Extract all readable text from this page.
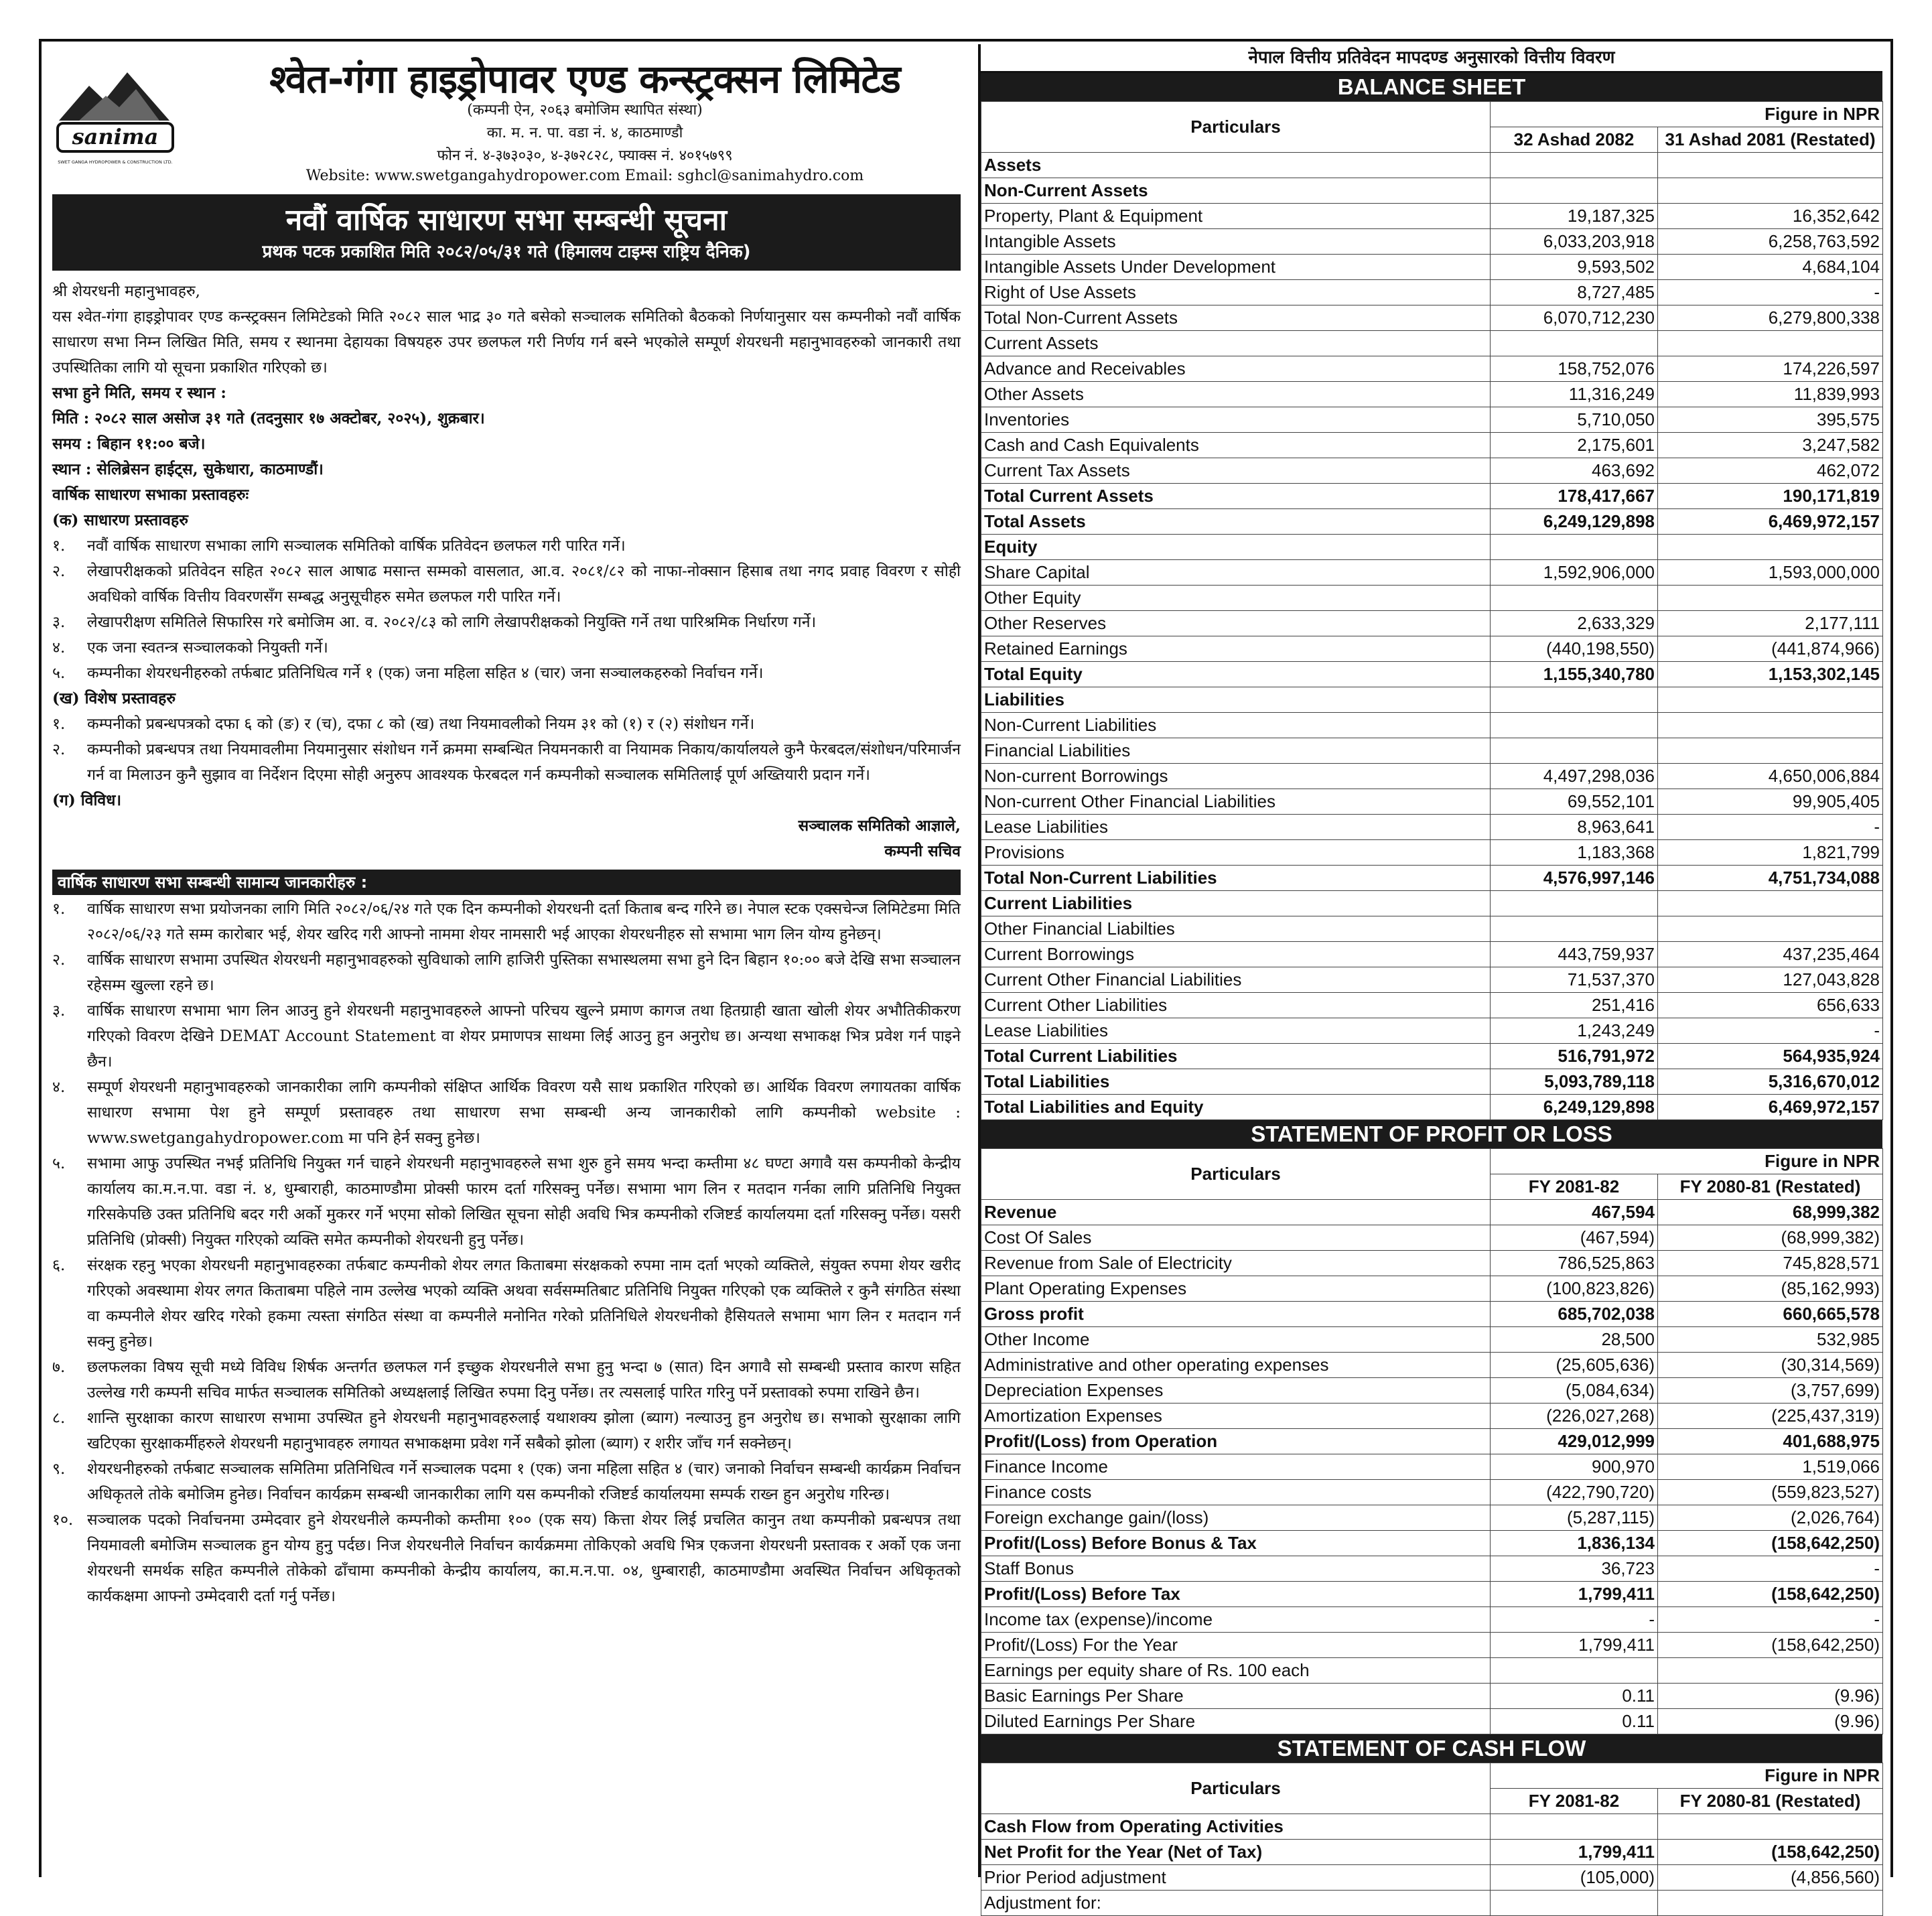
sanima
SWET GANGA HYDROPOWER & CONSTRUCTION LTD.
श्वेत-गंगा हाइड्रोपावर एण्ड कन्स्ट्रक्सन लिमिटेड
(कम्पनी ऐन, २०६३ बमोजिम स्थापित संस्था)
का. म. न. पा. वडा नं. ४, काठमाण्डौ
फोन नं. ४-३७३०३०, ४-३७२८२८, फ्याक्स नं. ४०१५७९९
Website: www.swetgangahydropower.com Email: sghcl@sanimahydro.com
नवौं वार्षिक साधारण सभा सम्बन्धी सूचना
प्रथक पटक प्रकाशित मिति २०८२/०५/३१ गते (हिमालय टाइम्स राष्ट्रिय दैनिक)

श्री शेयरधनी महानुभावहरु,

यस श्वेत-गंगा हाइड्रोपावर एण्ड कन्स्ट्रक्सन लिमिटेडको मिति २०८२ साल भाद्र ३० गते बसेको सञ्चालक समितिको बैठकको निर्णयानुसार यस कम्पनीको नवौं वार्षिक साधारण सभा निम्न लिखित मिति, समय र स्थानमा देहायका विषयहरु उपर छलफल गरी निर्णय गर्न बस्ने भएकोले सम्पूर्ण शेयरधनी महानुभावहरुको जानकारी तथा उपस्थितिका लागि यो सूचना प्रकाशित गरिएको छ।

सभा हुने मिति, समय र स्थान :

मिति : २०८२ साल असोज ३१ गते (तदनुसार १७ अक्टोबर, २०२५), शुक्रबार।

समय : बिहान ११:०० बजे।

स्थान : सेलिब्रेसन हाईट्स, सुकेधारा, काठमाण्डौं।

वार्षिक साधारण सभाका प्रस्तावहरुः

(क) साधारण प्रस्तावहरु

१.	नवौं वार्षिक साधारण सभाका लागि सञ्चालक समितिको वार्षिक प्रतिवेदन छलफल गरी पारित गर्ने।
२.	लेखापरीक्षकको प्रतिवेदन सहित २०८२ साल आषाढ मसान्त सम्मको वासलात, आ.व. २०८१/८२ को नाफा-नोक्सान हिसाब तथा नगद प्रवाह विवरण र सोही अवधिको वार्षिक वित्तीय विवरणसँग सम्बद्ध अनुसूचीहरु समेत छलफल गरी पारित गर्ने।
३.	लेखापरीक्षण समितिले सिफारिस गरे बमोजिम आ. व. २०८२/८३ को लागि लेखापरीक्षकको नियुक्ति गर्ने तथा पारिश्रमिक निर्धारण गर्ने।
४.	एक जना स्वतन्त्र सञ्चालकको नियुक्ती गर्ने।
५.	कम्पनीका शेयरधनीहरुको तर्फबाट प्रतिनिधित्व गर्ने १ (एक) जना महिला सहित ४ (चार) जना सञ्चालकहरुको निर्वाचन गर्ने।

(ख) विशेष प्रस्तावहरु

१.	कम्पनीको प्रबन्धपत्रको दफा ६ को (ङ) र (च), दफा ८ को (ख) तथा नियमावलीको नियम ३१ को (१) र (२) संशोधन गर्ने।
२.	कम्पनीको प्रबन्धपत्र तथा नियमावलीमा नियमानुसार संशोधन गर्ने क्रममा सम्बन्धित नियमनकारी वा नियामक निकाय/कार्यालयले कुनै फेरबदल/संशोधन/परिमार्जन गर्न वा मिलाउन कुनै सुझाव वा निर्देशन दिएमा सोही अनुरुप आवश्यक फेरबदल गर्न कम्पनीको सञ्चालक समितिलाई पूर्ण अख्तियारी प्रदान गर्ने।

(ग) विविध।

सञ्चालक समितिको आज्ञाले,

कम्पनी सचिव

वार्षिक साधारण सभा सम्बन्धी सामान्य जानकारीहरु :
१.	वार्षिक साधारण सभा प्रयोजनका लागि मिति २०८२/०६/२४ गते एक दिन कम्पनीको शेयरधनी दर्ता किताब बन्द गरिने छ। नेपाल स्टक एक्सचेन्ज लिमिटेडमा मिति २०८२/०६/२३ गते सम्म कारोबार भई, शेयर खरिद गरी आफ्नो नाममा शेयर नामसारी भई आएका शेयरधनीहरु सो सभामा भाग लिन योग्य हुनेछन्।
२.	वार्षिक साधारण सभामा उपस्थित शेयरधनी महानुभावहरुको सुविधाको लागि हाजिरी पुस्तिका सभास्थलमा सभा हुने दिन बिहान १०:०० बजे देखि सभा सञ्चालन रहेसम्म खुल्ला रहने छ।
३.	वार्षिक साधारण सभामा भाग लिन आउनु हुने शेयरधनी महानुभावहरुले आफ्नो परिचय खुल्ने प्रमाण कागज तथा हितग्राही खाता खोली शेयर अभौतिकीकरण गरिएको विवरण देखिने DEMAT Account Statement वा शेयर प्रमाणपत्र साथमा लिई आउनु हुन अनुरोध छ। अन्यथा सभाकक्ष भित्र प्रवेश गर्न पाइने छैन।
४.	सम्पूर्ण शेयरधनी महानुभावहरुको जानकारीका लागि कम्पनीको संक्षिप्त आर्थिक विवरण यसै साथ प्रकाशित गरिएको छ। आर्थिक विवरण लगायतका वार्षिक साधारण सभामा पेश हुने सम्पूर्ण प्रस्तावहरु तथा साधारण सभा सम्बन्धी अन्य जानकारीको लागि कम्पनीको website : www.swetgangahydropower.com मा पनि हेर्न सक्नु हुनेछ।
५.	सभामा आफु उपस्थित नभई प्रतिनिधि नियुक्त गर्न चाहने शेयरधनी महानुभावहरुले सभा शुरु हुने समय भन्दा कम्तीमा ४८ घण्टा अगावै यस कम्पनीको केन्द्रीय कार्यालय का.म.न.पा. वडा नं. ४, धुम्बाराही, काठमाण्डौमा प्रोक्सी फारम दर्ता गरिसक्नु पर्नेछ। सभामा भाग लिन र मतदान गर्नका लागि प्रतिनिधि नियुक्त गरिसकेपछि उक्त प्रतिनिधि बदर गरी अर्को मुकरर गर्ने भएमा सोको लिखित सूचना सोही अवधि भित्र कम्पनीको रजिष्टर्ड कार्यालयमा दर्ता गरिसक्नु पर्नेछ। यसरी प्रतिनिधि (प्रोक्सी) नियुक्त गरिएको व्यक्ति समेत कम्पनीको शेयरधनी हुनु पर्नेछ।
६.	संरक्षक रहनु भएका शेयरधनी महानुभावहरुका तर्फबाट कम्पनीको शेयर लगत किताबमा संरक्षकको रुपमा नाम दर्ता भएको व्यक्तिले, संयुक्त रुपमा शेयर खरीद गरिएको अवस्थामा शेयर लगत किताबमा पहिले नाम उल्लेख भएको व्यक्ति अथवा सर्वसम्मतिबाट प्रतिनिधि नियुक्त गरिएको एक व्यक्तिले र कुनै संगठित संस्था वा कम्पनीले शेयर खरिद गरेको हकमा त्यस्ता संगठित संस्था वा कम्पनीले मनोनित गरेको प्रतिनिधिले शेयरधनीको हैसियतले सभामा भाग लिन र मतदान गर्न सक्नु हुनेछ।
७.	छलफलका विषय सूची मध्ये विविध शिर्षक अन्तर्गत छलफल गर्न इच्छुक शेयरधनीले सभा हुनु भन्दा ७ (सात) दिन अगावै सो सम्बन्धी प्रस्ताव कारण सहित उल्लेख गरी कम्पनी सचिव मार्फत सञ्चालक समितिको अध्यक्षलाई लिखित रुपमा दिनु पर्नेछ। तर त्यसलाई पारित गरिनु पर्ने प्रस्तावको रुपमा राखिने छैन।
८.	शान्ति सुरक्षाका कारण साधारण सभामा उपस्थित हुने शेयरधनी महानुभावहरुलाई यथाशक्य झोला (ब्याग) नल्याउनु हुन अनुरोध छ। सभाको सुरक्षाका लागि खटिएका सुरक्षाकर्मीहरुले शेयरधनी महानुभावहरु लगायत सभाकक्षमा प्रवेश गर्ने सबैको झोला (ब्याग) र शरीर जाँच गर्न सक्नेछन्।
९.	शेयरधनीहरुको तर्फबाट सञ्चालक समितिमा प्रतिनिधित्व गर्ने सञ्चालक पदमा १ (एक) जना महिला सहित ४ (चार) जनाको निर्वाचन सम्बन्धी कार्यक्रम निर्वाचन अधिकृतले तोके बमोजिम हुनेछ। निर्वाचन कार्यक्रम सम्बन्धी जानकारीका लागि यस कम्पनीको रजिष्टर्ड कार्यालयमा सम्पर्क राख्न हुन अनुरोध गरिन्छ।
१०. सञ्चालक पदको निर्वाचनमा उम्मेदवार हुने शेयरधनीले कम्पनीको कम्तीमा १०० (एक सय) कित्ता शेयर लिई प्रचलित कानुन तथा कम्पनीको प्रबन्धपत्र तथा नियमावली बमोजिम सञ्चालक हुन योग्य हुनु पर्दछ। निज शेयरधनीले निर्वाचन कार्यक्रममा तोकिएको अवधि भित्र एकजना शेयरधनी प्रस्तावक र अर्को एक जना शेयरधनी समर्थक सहित कम्पनीले तोकेको ढाँचामा कम्पनीको केन्द्रीय कार्यालय, का.म.न.पा. ०४, धुम्बाराही, काठमाण्डौमा अवस्थित निर्वाचन अधिकृतको कार्यकक्षमा आफ्नो उम्मेदवारी दर्ता गर्नु पर्नेछ।
नेपाल वित्तीय प्रतिवेदन मापदण्ड अनुसारको वित्तीय विवरण
BALANCE SHEET
Particulars	Figure in NPR	
	32 Ashad 2082	31 Ashad 2081 (Restated)
Assets		
Non-Current Assets		
Property, Plant & Equipment	19,187,325	16,352,642
Intangible Assets	6,033,203,918	6,258,763,592
Intangible Assets Under Development	9,593,502	4,684,104
Right of Use Assets	8,727,485	-
Total Non-Current Assets	6,070,712,230	6,279,800,338
Current Assets		
Advance and Receivables	158,752,076	174,226,597
Other Assets	11,316,249	11,839,993
Inventories	5,710,050	395,575
Cash and Cash Equivalents	2,175,601	3,247,582
Current Tax Assets	463,692	462,072
Total Current Assets	178,417,667	190,171,819
Total Assets	6,249,129,898	6,469,972,157
Equity		
Share Capital	1,592,906,000	1,593,000,000
Other Equity		
Other Reserves	2,633,329	2,177,111
Retained Earnings	(440,198,550)	(441,874,966)
Total Equity	1,155,340,780	1,153,302,145
Liabilities		
Non-Current Liabilities		
Financial Liabilities		
Non-current Borrowings	4,497,298,036	4,650,006,884
Non-current Other Financial Liabilities	69,552,101	99,905,405
Lease Liabilities	8,963,641	-
Provisions	1,183,368	1,821,799
Total Non-Current Liabilities	4,576,997,146	4,751,734,088
Current Liabilities		
Other Financial Liabilties		
Current Borrowings	443,759,937	437,235,464
Current Other Financial Liabilities	71,537,370	127,043,828
Current Other Liabilities	251,416	656,633
Lease Liabilities	1,243,249	-
Total Current Liabilities	516,791,972	564,935,924
Total Liabilities	5,093,789,118	5,316,670,012
Total Liabilities and Equity	6,249,129,898	6,469,972,157
STATEMENT OF PROFIT OR LOSS
Particulars	Figure in NPR	
	FY 2081-82	FY 2080-81 (Restated)
Revenue	467,594	68,999,382
Cost Of Sales	(467,594)	(68,999,382)
Revenue from Sale of Electricity	786,525,863	745,828,571
Plant Operating Expenses	(100,823,826)	(85,162,993)
Gross profit	685,702,038	660,665,578
Other Income	28,500	532,985
Administrative and other operating expenses	(25,605,636)	(30,314,569)
Depreciation Expenses	(5,084,634)	(3,757,699)
Amortization Expenses	(226,027,268)	(225,437,319)
Profit/(Loss) from Operation	429,012,999	401,688,975
Finance Income	900,970	1,519,066
Finance costs	(422,790,720)	(559,823,527)
Foreign exchange gain/(loss)	(5,287,115)	(2,026,764)
Profit/(Loss) Before Bonus & Tax	1,836,134	(158,642,250)
Staff Bonus	36,723	-
Profit/(Loss) Before Tax	1,799,411	(158,642,250)
Income tax (expense)/income	-	-
Profit/(Loss) For the Year	1,799,411	(158,642,250)
Earnings per equity share of Rs. 100 each		
Basic Earnings Per Share	0.11	(9.96)
Diluted Earnings Per Share	0.11	(9.96)
STATEMENT OF CASH FLOW
Particulars	Figure in NPR	
	FY 2081-82	FY 2080-81 (Restated)
Cash Flow from Operating Activities		
Net Profit for the Year (Net of Tax)	1,799,411	(158,642,250)
Prior Period adjustment	(105,000)	(4,856,560)
Adjustment for:		
